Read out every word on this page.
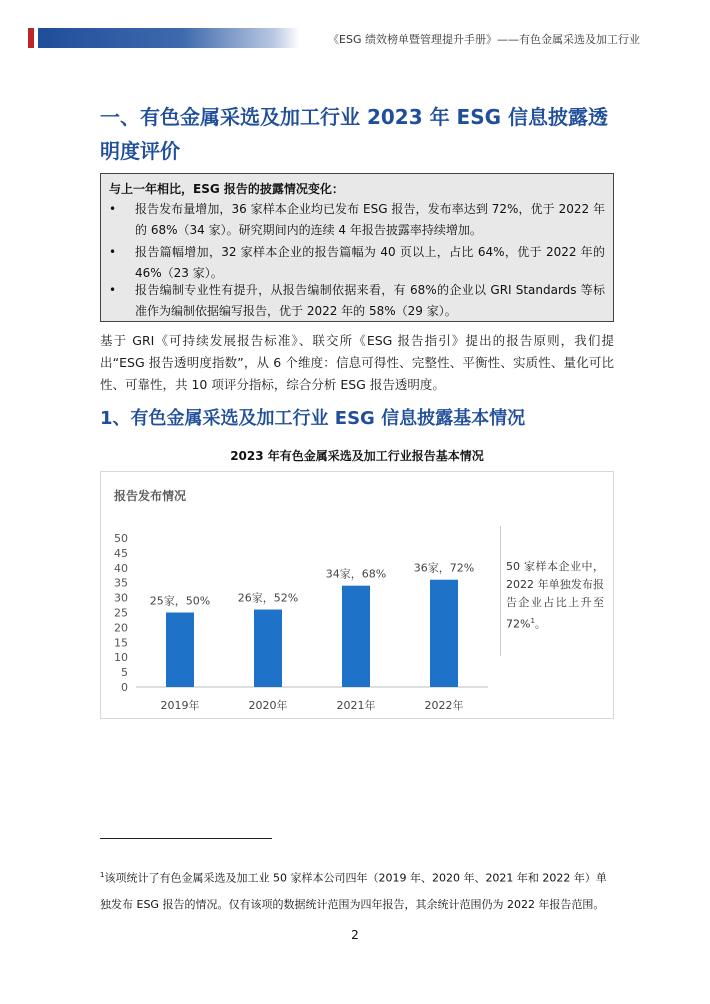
《ESG 绩效榜单暨管理提升手册》——有色金属采选及加工行业
一、有色金属采选及加工行业 2023 年 ESG 信息披露透明度评价
与上一年相比，ESG 报告的披露情况变化：
• 报告发布量增加，36 家样本企业均已发布 ESG 报告，发布率达到 72%，优于 2022 年的 68%（34 家）。研究期间内的连续 4 年报告披露率持续增加。
• 报告篇幅增加，32 家样本企业的报告篇幅为 40 页以上，占比 64%，优于 2022 年的 46%（23 家）。
• 报告编制专业性有提升，从报告编制依据来看，有 68%的企业以 GRI Standards 等标准作为编制依据编写报告，优于 2022 年的 58%（29 家）。
基于 GRI《可持续发展报告标准》、联交所《ESG 报告指引》提出的报告原则，我们提出“ESG 报告透明度指数”，从 6 个维度：信息可得性、完整性、平衡性、实质性、量化可比性、可靠性，共 10 项评分指标，综合分析 ESG 报告透明度。
1、有色金属采选及加工行业 ESG 信息披露基本情况
2023 年有色金属采选及加工行业报告基本情况
报告发布情况
0
5
10
15
20
25
30
35
40
45
50
25家，50%
2019年
26家，52%
2020年
34家，68%
2021年
36家，72%
2022年
50 家样本企业中，2022 年单独发布报告企业占比上升至 72%$^1$。
$^1$该项统计了有色金属采选及加工业 50 家样本公司四年（2019 年、2020 年、2021 年和 2022 年）单独发布 ESG 报告的情况。仅有该项的数据统计范围为四年报告，其余统计范围仍为 2022 年报告范围。
2
